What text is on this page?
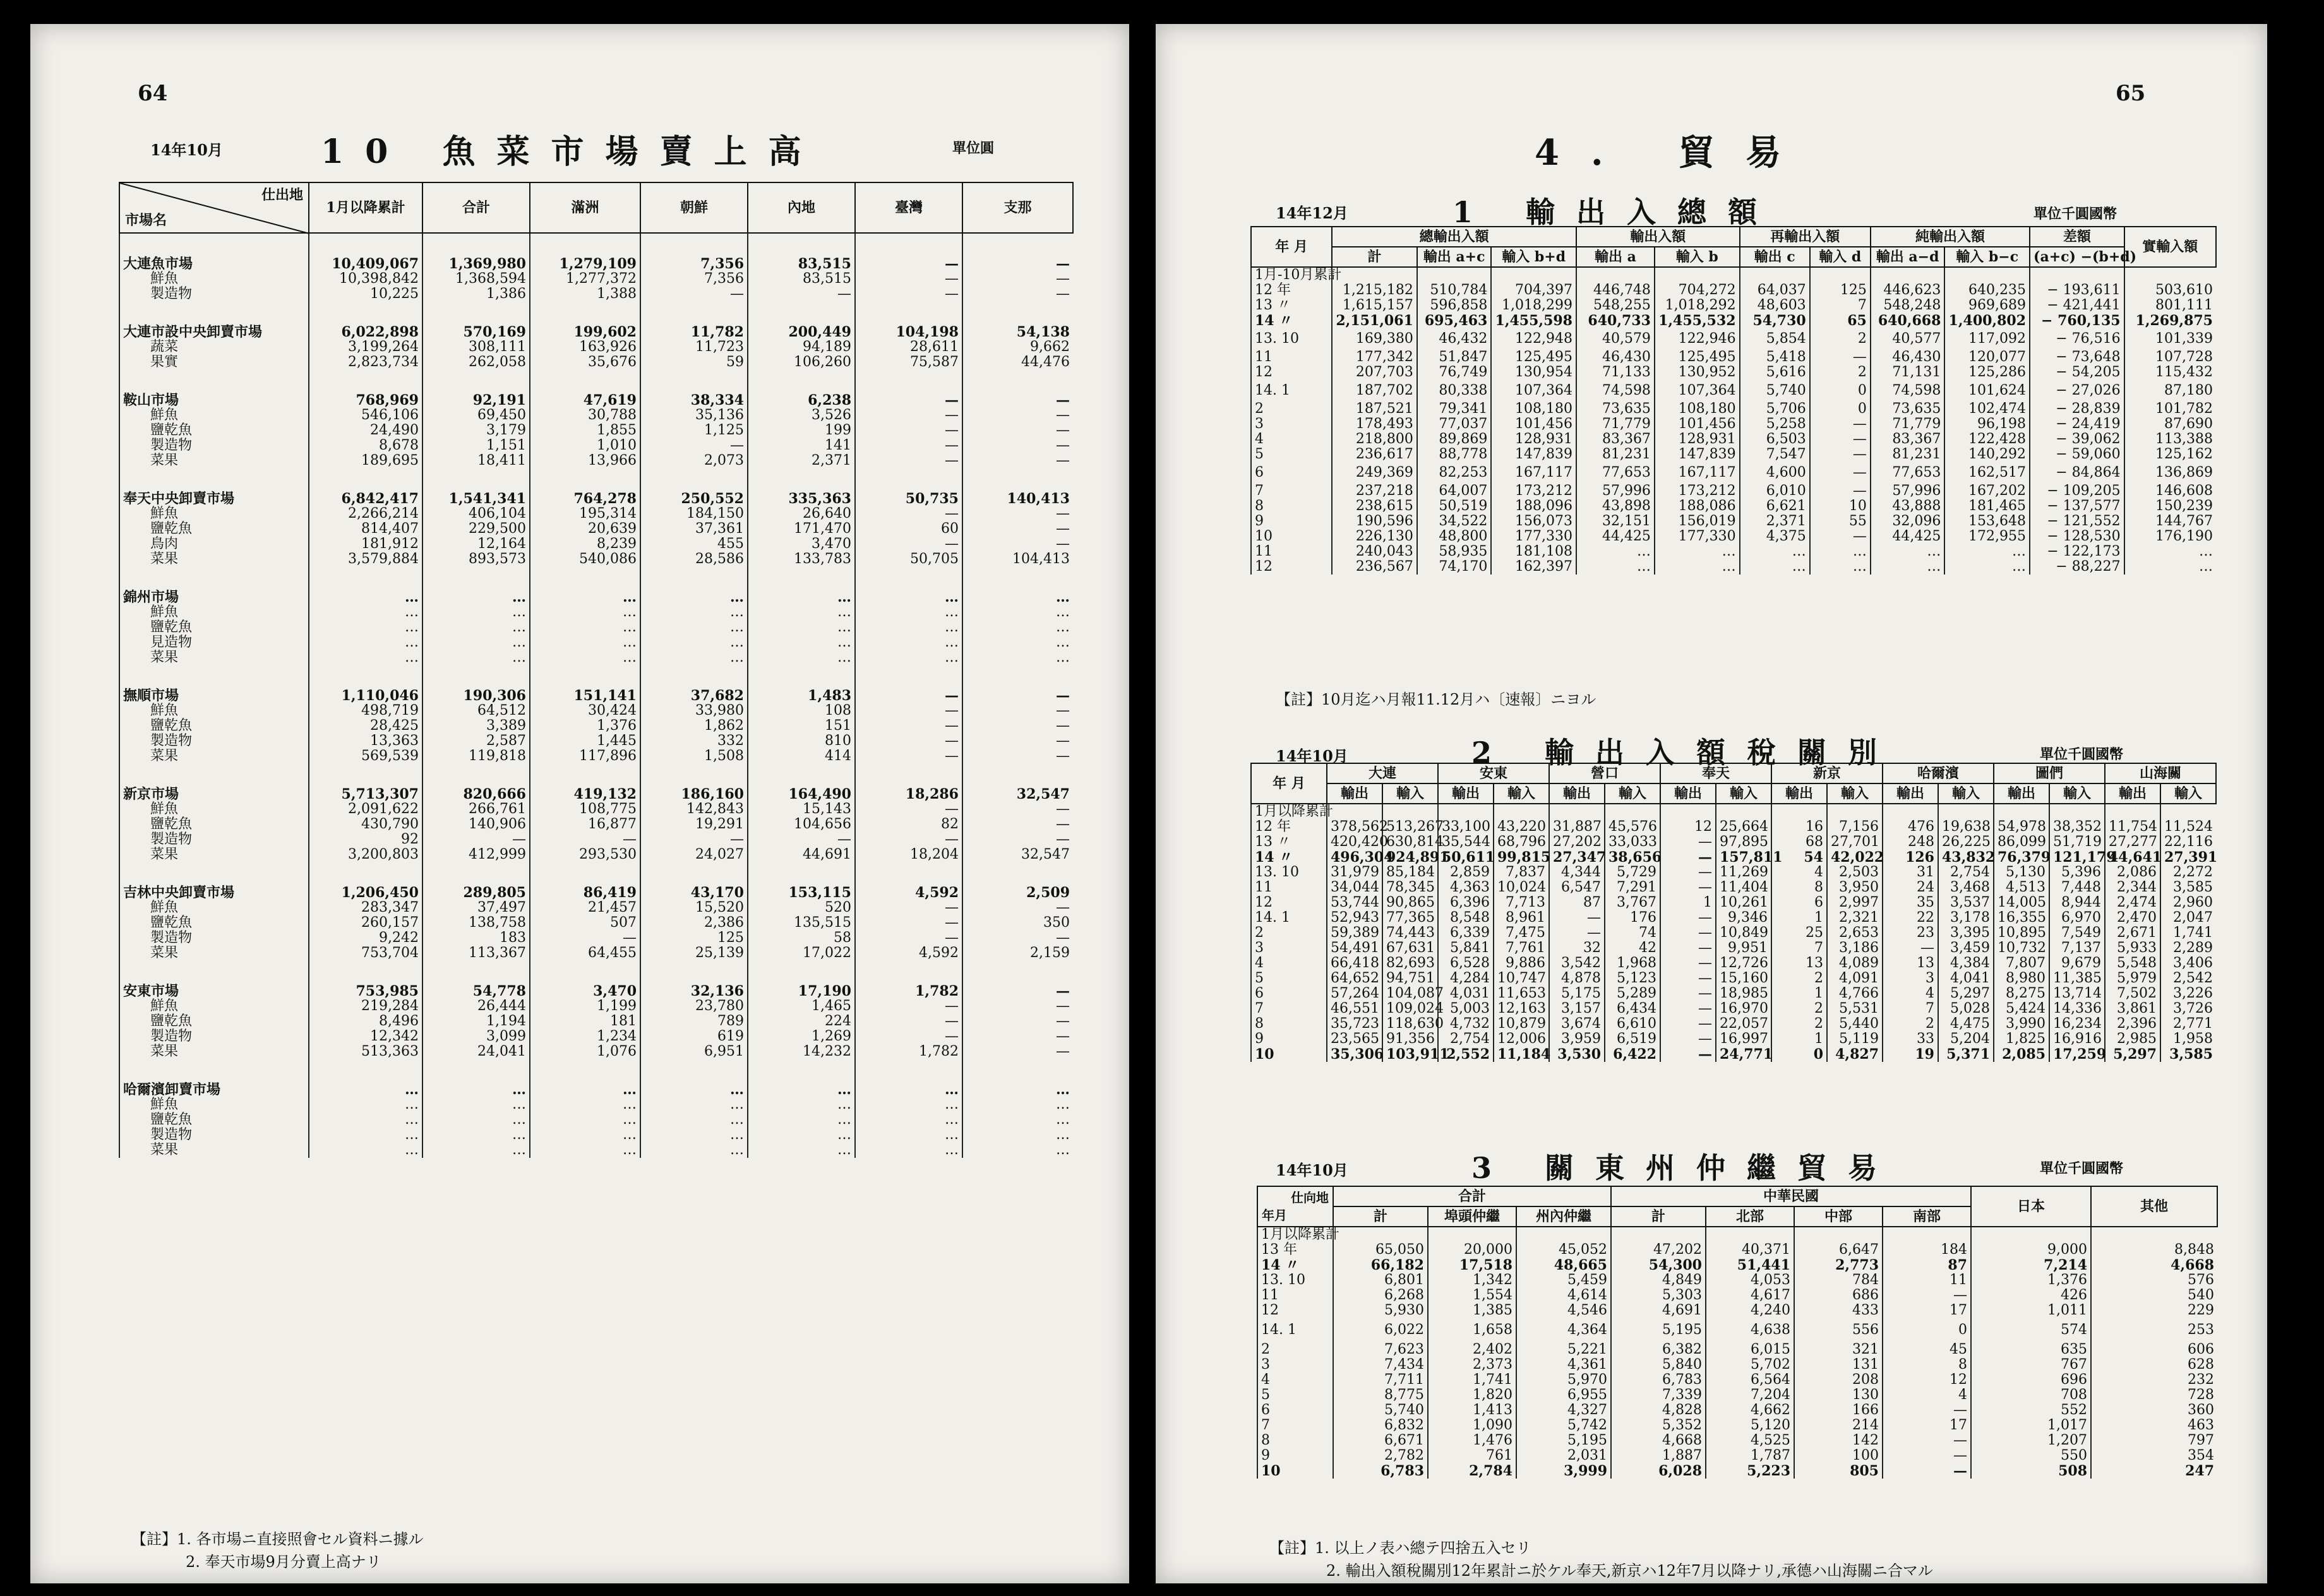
64
14年10月	10 魚菜市場賣上高	單位圓
仕出地
市場名	1月以降累計	合計	滿洲	朝鮮	內地	臺灣	支那

大連魚市場	10,409,067	1,369,980	1,279,109	7,356	83,515	—	—
鮮魚	10,398,842	1,368,594	1,277,372	7,356	83,515	—	—
製造物	10,225	1,386	1,388	—	—	—	—

大連市設中央卸賣市場	6,022,898	570,169	199,602	11,782	200,449	104,198	54,138
蔬菜	3,199,264	308,111	163,926	11,723	94,189	28,611	9,662
果實	2,823,734	262,058	35,676	59	106,260	75,587	44,476

鞍山市場	768,969	92,191	47,619	38,334	6,238	—	—
鮮魚	546,106	69,450	30,788	35,136	3,526	—	—
鹽乾魚	24,490	3,179	1,855	1,125	199	—	—
製造物	8,678	1,151	1,010	—	141	—	—
菜果	189,695	18,411	13,966	2,073	2,371	—	—

奉天中央卸賣市場	6,842,417	1,541,341	764,278	250,552	335,363	50,735	140,413
鮮魚	2,266,214	406,104	195,314	184,150	26,640	—	—
鹽乾魚	814,407	229,500	20,639	37,361	171,470	60	—
鳥肉	181,912	12,164	8,239	455	3,470	—	—
菜果	3,579,884	893,573	540,086	28,586	133,783	50,705	104,413

錦州市場	…	…	…	…	…	…	…
鮮魚	…	…	…	…	…	…	…
鹽乾魚	…	…	…	…	…	…	…
見造物	…	…	…	…	…	…	…
菜果	…	…	…	…	…	…	…

撫順市場	1,110,046	190,306	151,141	37,682	1,483	—	—
鮮魚	498,719	64,512	30,424	33,980	108	—	—
鹽乾魚	28,425	3,389	1,376	1,862	151	—	—
製造物	13,363	2,587	1,445	332	810	—	—
菜果	569,539	119,818	117,896	1,508	414	—	—

新京市場	5,713,307	820,666	419,132	186,160	164,490	18,286	32,547
鮮魚	2,091,622	266,761	108,775	142,843	15,143	—	—
鹽乾魚	430,790	140,906	16,877	19,291	104,656	82	—
製造物	92	—	—	—	—	—	—
菜果	3,200,803	412,999	293,530	24,027	44,691	18,204	32,547

吉林中央卸賣市場	1,206,450	289,805	86,419	43,170	153,115	4,592	2,509
鮮魚	283,347	37,497	21,457	15,520	520	—	—
鹽乾魚	260,157	138,758	507	2,386	135,515	—	350
製造物	9,242	183	—	125	58	—	—
菜果	753,704	113,367	64,455	25,139	17,022	4,592	2,159

安東市場	753,985	54,778	3,470	32,136	17,190	1,782	—
鮮魚	219,284	26,444	1,199	23,780	1,465	—	—
鹽乾魚	8,496	1,194	181	789	224	—	—
製造物	12,342	3,099	1,234	619	1,269	—	—
菜果	513,363	24,041	1,076	6,951	14,232	1,782	—

哈爾濱卸賣市場	…	…	…	…	…	…	…
鮮魚	…	…	…	…	…	…	…
鹽乾魚	…	…	…	…	…	…	…
製造物	…	…	…	…	…	…	…
菜果	…	…	…	…	…	…	…
【註】1. 各市場ニ直接照會セル資料ニ據ル
2. 奉天市場9月分賣上高ナリ
65
4. 貿易
14年12月	1 輸出入總額	單位千圓國幣
年 月	總輸出入額			輸出入額		再輸出入額		純輸出入額		差額	實輸入額
	計	輸出 a+c	輸入 b+d	輸出 a	輸入 b	輸出 c	輸入 d	輸出 a−d	輸入 b−c	(a+c) −(b+d)	
1月-10月累計											
12 年	1,215,182	510,784	704,397	446,748	704,272	64,037	125	446,623	640,235	− 193,611	503,610
13 〃	1,615,157	596,858	1,018,299	548,255	1,018,292	48,603	7	548,248	969,689	− 421,441	801,111
14 〃	2,151,061	695,463	1,455,598	640,733	1,455,532	54,730	65	640,668	1,400,802	− 760,135	1,269,875
13. 10	169,380	46,432	122,948	40,579	122,946	5,854	2	40,577	117,092	− 76,516	101,339
11	177,342	51,847	125,495	46,430	125,495	5,418	—	46,430	120,077	− 73,648	107,728
12	207,703	76,749	130,954	71,133	130,952	5,616	2	71,131	125,286	− 54,205	115,432
14. 1	187,702	80,338	107,364	74,598	107,364	5,740	0	74,598	101,624	− 27,026	87,180
2	187,521	79,341	108,180	73,635	108,180	5,706	0	73,635	102,474	− 28,839	101,782
3	178,493	77,037	101,456	71,779	101,456	5,258	—	71,779	96,198	− 24,419	87,690
4	218,800	89,869	128,931	83,367	128,931	6,503	—	83,367	122,428	− 39,062	113,388
5	236,617	88,778	147,839	81,231	147,839	7,547	—	81,231	140,292	− 59,060	125,162
6	249,369	82,253	167,117	77,653	167,117	4,600	—	77,653	162,517	− 84,864	136,869
7	237,218	64,007	173,212	57,996	173,212	6,010	—	57,996	167,202	− 109,205	146,608
8	238,615	50,519	188,096	43,898	188,086	6,621	10	43,888	181,465	− 137,577	150,239
9	190,596	34,522	156,073	32,151	156,019	2,371	55	32,096	153,648	− 121,552	144,767
10	226,130	48,800	177,330	44,425	177,330	4,375	—	44,425	172,955	− 128,530	176,190
11	240,043	58,935	181,108	…	…	…	…	…	…	− 122,173	…
12	236,567	74,170	162,397	…	…	…	…	…	…	− 88,227	…
【註】10月迄ハ月報11.12月ハ〔速報〕ニヨル
14年10月	2 輸出入額稅關別	單位千圓國幣
年 月	大連		安東		營口		奉天		新京		哈爾濱		圖們		山海關	
	輸出	輸入	輸出	輸入	輸出	輸入	輸出	輸入	輸出	輸入	輸出	輸入	輸出	輸入	輸出	輸入
1月以降累計																
12 年	378,562	513,267	33,100	43,220	31,887	45,576	12	25,664	16	7,156	476	19,638	54,978	38,352	11,754	11,524
13 〃	420,420	630,814	35,544	68,796	27,202	33,033	—	97,895	68	27,701	248	26,225	86,099	51,719	27,277	22,116
14 〃	496,304	924,891	50,611	99,815	27,347	38,656	—	157,811	54	42,022	126	43,832	76,379	121,179	44,641	27,391
13. 10	31,979	85,184	2,859	7,837	4,344	5,729	—	11,269	4	2,503	31	2,754	5,130	5,396	2,086	2,272
11	34,044	78,345	4,363	10,024	6,547	7,291	—	11,404	8	3,950	24	3,468	4,513	7,448	2,344	3,585
12	53,744	90,865	6,396	7,713	87	3,767	1	10,261	6	2,997	35	3,537	14,005	8,944	2,474	2,960
14. 1	52,943	77,365	8,548	8,961	—	176	—	9,346	1	2,321	22	3,178	16,355	6,970	2,470	2,047
2	59,389	74,443	6,339	7,475	—	74	—	10,849	25	2,653	23	3,395	10,895	7,549	2,671	1,741
3	54,491	67,631	5,841	7,761	32	42	—	9,951	7	3,186	—	3,459	10,732	7,137	5,933	2,289
4	66,418	82,693	6,528	9,886	3,542	1,968	—	12,726	13	4,089	13	4,384	7,807	9,679	5,548	3,406
5	64,652	94,751	4,284	10,747	4,878	5,123	—	15,160	2	4,091	3	4,041	8,980	11,385	5,979	2,542
6	57,264	104,087	4,031	11,653	5,175	5,289	—	18,985	1	4,766	4	5,297	8,275	13,714	7,502	3,226
7	46,551	109,024	5,003	12,163	3,157	6,434	—	16,970	2	5,531	7	5,028	5,424	14,336	3,861	3,726
8	35,723	118,630	4,732	10,879	3,674	6,610	—	22,057	2	5,440	2	4,475	3,990	16,234	2,396	2,771
9	23,565	91,356	2,754	12,006	3,959	6,519	—	16,997	1	5,119	33	5,204	1,825	16,916	2,985	1,958
10	35,306	103,911	2,552	11,184	3,530	6,422	—	24,771	0	4,827	19	5,371	2,085	17,259	5,297	3,585
14年10月	3 關東州仲繼貿易	單位千圓國幣
仕向地
年月	合計			中華民國				日本	其他
	計	埠頭仲繼	州內仲繼	計	北部	中部	南部		
1月以降累計									
13 年	65,050	20,000	45,052	47,202	40,371	6,647	184	9,000	8,848
14 〃	66,182	17,518	48,665	54,300	51,441	2,773	87	7,214	4,668
13. 10	6,801	1,342	5,459	4,849	4,053	784	11	1,376	576
11	6,268	1,554	4,614	5,303	4,617	686	—	426	540
12	5,930	1,385	4,546	4,691	4,240	433	17	1,011	229
14. 1	6,022	1,658	4,364	5,195	4,638	556	0	574	253
2	7,623	2,402	5,221	6,382	6,015	321	45	635	606
3	7,434	2,373	4,361	5,840	5,702	131	8	767	628
4	7,711	1,741	5,970	6,783	6,564	208	12	696	232
5	8,775	1,820	6,955	7,339	7,204	130	4	708	728
6	5,740	1,413	4,327	4,828	4,662	166	—	552	360
7	6,832	1,090	5,742	5,352	5,120	214	17	1,017	463
8	6,671	1,476	5,195	4,668	4,525	142	—	1,207	797
9	2,782	761	2,031	1,887	1,787	100	—	550	354
10	6,783	2,784	3,999	6,028	5,223	805	—	508	247
【註】1. 以上ノ表ハ總テ四捨五入セリ
2. 輸出入額稅關別12年累計ニ於ケル奉天,新京ハ12年7月以降ナリ,承德ハ山海關ニ合マル
